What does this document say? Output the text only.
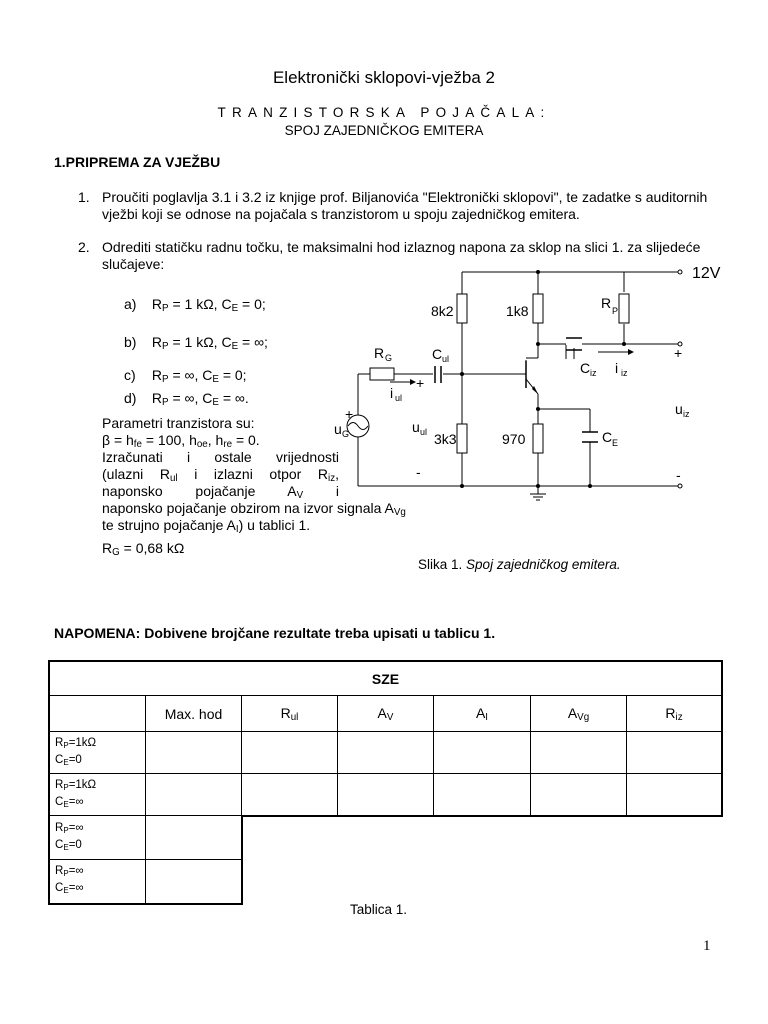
Elektronički sklopovi-vježba 2
TRANZISTORSKA POJAČALA:
SPOJ ZAJEDNIČKOG EMITERA
1.PRIPREMA ZA VJEŽBU
1. Proučiti poglavlja 3.1 i 3.2 iz knjige prof. Biljanovića "Elektronički sklopovi", te zadatke s auditornih vježbi koji se odnose na pojačala s tranzistorom u spoju zajedničkog emitera.
2. Odrediti statičku radnu točku, te maksimalni hod izlaznog napona za sklop na slici 1. za slijedeće slučajeve:
a) $R_P = 1$ kΩ, $C_E = 0$;
b) $R_P = 1$ kΩ, $C_E$ = ∞;
c) $R_P$ = ∞, $C_E = 0$;
d) $R_P$ = ∞, $C_E$ = ∞.
Parametri tranzistora su:
$\beta = h_{fe} = 100$, $h_{oe}$, $h_{re} = 0$.
Izračunati i ostale vrijednosti
(ulazni $R_{ul}$ i izlazni otpor $R_{iz}$,
naponsko pojačanje $A_V$ i
naponsko pojačanje obzirom na izvor signala $A_{Vg}$
te strujno pojačanje $A_I$) u tablici 1.
$R_G = 0,68$ kΩ
12V
8k2	1k8	R P
R G	C ul
C iz i iz
i ul
+
+
u G	u ul
-
3k3	970	C E
+
u iz
-
Slika 1. Spoj zajedničkog emitera.
NAPOMENA: Dobivene brojčane rezultate treba upisati u tablicu 1.
SZE						
	Max. hod	$R_{ul}$	$A_V$	$A_I$	$A_{Vg}$	$R_{iz}$
$R_P=1k\Omega$
$C_E=0$						
$R_P=1k\Omega$
$C_E=\infty$						
$R_P=\infty$
$C_E=0$						
$R_P=\infty$
$C_E=\infty$						
Tablica 1.
1
